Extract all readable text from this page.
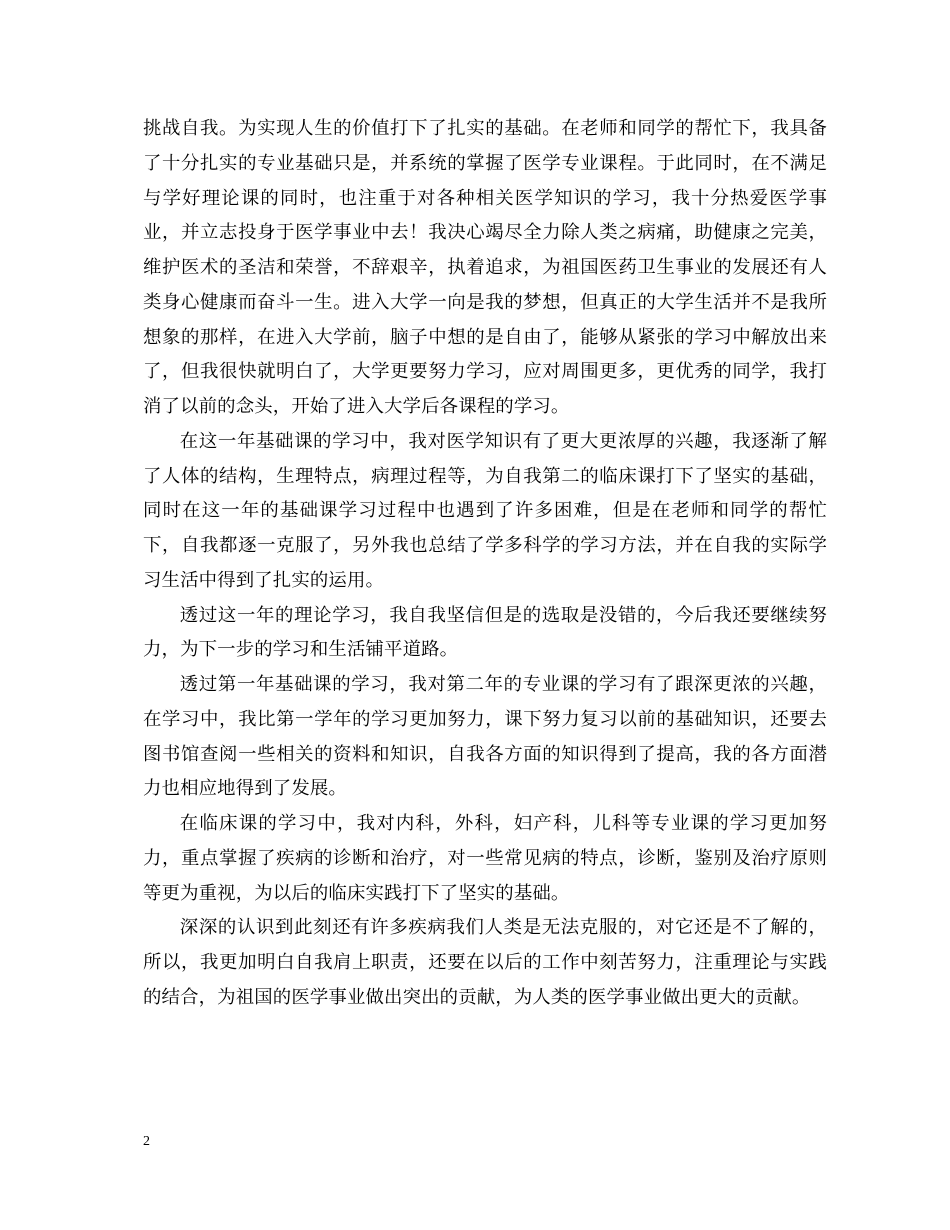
挑战自我。为实现人生的价值打下了扎实的基础。在老师和同学的帮忙下，我具备了十分扎实的专业基础只是，并系统的掌握了医学专业课程。于此同时，在不满足与学好理论课的同时，也注重于对各种相关医学知识的学习，我十分热爱医学事业，并立志投身于医学事业中去！我决心竭尽全力除人类之病痛，助健康之完美，维护医术的圣洁和荣誉，不辞艰辛，执着追求，为祖国医药卫生事业的发展还有人类身心健康而奋斗一生。进入大学一向是我的梦想，但真正的大学生活并不是我所想象的那样，在进入大学前，脑子中想的是自由了，能够从紧张的学习中解放出来了，但我很快就明白了，大学更要努力学习，应对周围更多，更优秀的同学，我打消了以前的念头，开始了进入大学后各课程的学习。

在这一年基础课的学习中，我对医学知识有了更大更浓厚的兴趣，我逐渐了解了人体的结构，生理特点，病理过程等，为自我第二的临床课打下了坚实的基础，同时在这一年的基础课学习过程中也遇到了许多困难，但是在老师和同学的帮忙下，自我都逐一克服了，另外我也总结了学多科学的学习方法，并在自我的实际学习生活中得到了扎实的运用。

透过这一年的理论学习，我自我坚信但是的选取是没错的，今后我还要继续努力，为下一步的学习和生活铺平道路。

透过第一年基础课的学习，我对第二年的专业课的学习有了跟深更浓的兴趣，在学习中，我比第一学年的学习更加努力，课下努力复习以前的基础知识，还要去图书馆查阅一些相关的资料和知识，自我各方面的知识得到了提高，我的各方面潜力也相应地得到了发展。

在临床课的学习中，我对内科，外科，妇产科，儿科等专业课的学习更加努力，重点掌握了疾病的诊断和治疗，对一些常见病的特点，诊断，鉴别及治疗原则等更为重视，为以后的临床实践打下了坚实的基础。

深深的认识到此刻还有许多疾病我们人类是无法克服的，对它还是不了解的，所以，我更加明白自我肩上职责，还要在以后的工作中刻苦努力，注重理论与实践的结合，为祖国的医学事业做出突出的贡献，为人类的医学事业做出更大的贡献。

2
